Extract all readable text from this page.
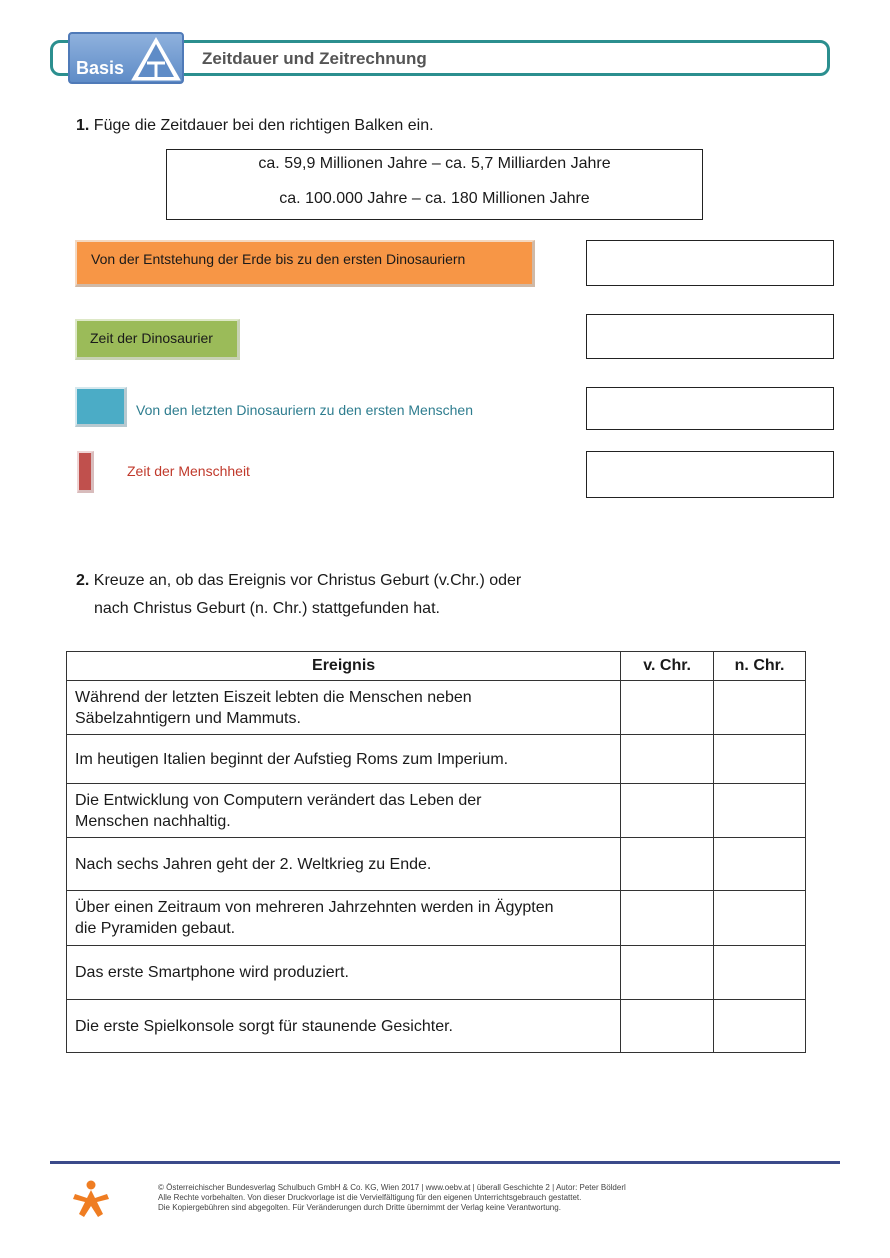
Basis	Zeitdauer und Zeitrechnung
1. Füge die Zeitdauer bei den richtigen Balken ein.
ca. 59,9 Millionen Jahre – ca. 5,7 Milliarden Jahre
ca. 100.000 Jahre – ca. 180 Millionen Jahre
Von der Entstehung der Erde bis zu den ersten Dinosauriern
Zeit der Dinosaurier
Von den letzten Dinosauriern zu den ersten Menschen
Zeit der Menschheit
2. Kreuze an, ob das Ereignis vor Christus Geburt (v.Chr.) oder
nach Christus Geburt (n. Chr.) stattgefunden hat.
Ereignis	v. Chr.	n. Chr.

Während der letzten Eiszeit lebten die Menschen neben
Säbelzahntigern und Mammuts.		

Im heutigen Italien beginnt der Aufstieg Roms zum Imperium.		

Die Entwicklung von Computern verändert das Leben der
Menschen nachhaltig.		

Nach sechs Jahren geht der 2. Weltkrieg zu Ende.		

Über einen Zeitraum von mehreren Jahrzehnten werden in Ägypten
die Pyramiden gebaut.		

Das erste Smartphone wird produziert.		

Die erste Spielkonsole sorgt für staunende Gesichter.		

© Österreichischer Bundesverlag Schulbuch GmbH & Co. KG, Wien 2017 | www.oebv.at | überall Geschichte 2 | Autor: Peter Bölderl
Alle Rechte vorbehalten. Von dieser Druckvorlage ist die Vervielfältigung für den eigenen Unterrichtsgebrauch gestattet.
Die Kopiergebühren sind abgegolten. Für Veränderungen durch Dritte übernimmt der Verlag keine Verantwortung.
